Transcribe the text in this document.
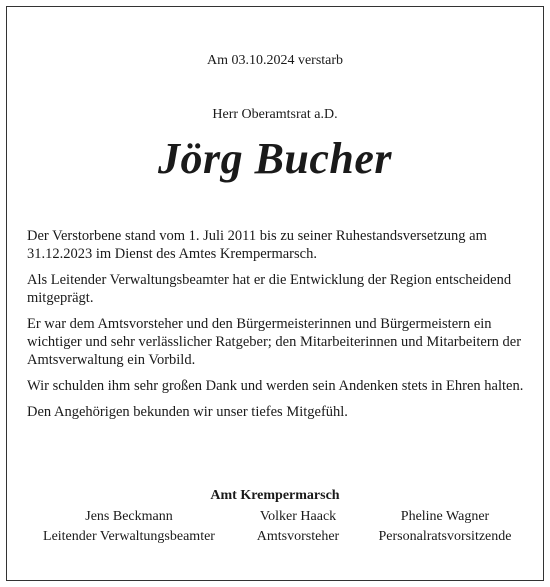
Am 03.10.2024 verstarb
Herr Oberamtsrat a.D.
Jörg Bucher

Der Verstorbene stand vom 1. Juli 2011 bis zu seiner Ruhestandsversetzung am 31.12.2023 im Dienst des Amtes Krempermarsch.

Als Leitender Verwaltungsbeamter hat er die Entwicklung der Region entscheidend mitgeprägt.

Er war dem Amtsvorsteher und den Bürgermeisterinnen und Bürgermeistern ein wichtiger und sehr verlässlicher Ratgeber; den Mitarbeiterinnen und Mitarbeitern der Amtsverwaltung ein Vorbild.

Wir schulden ihm sehr großen Dank und werden sein Andenken stets in Ehren halten.

Den Angehörigen bekunden wir unser tiefes Mitgefühl.

Amt Krempermarsch
Jens Beckmann
Leitender Verwaltungsbeamter
Volker Haack
Amtsvorsteher
Pheline Wagner
Personalratsvorsitzende
